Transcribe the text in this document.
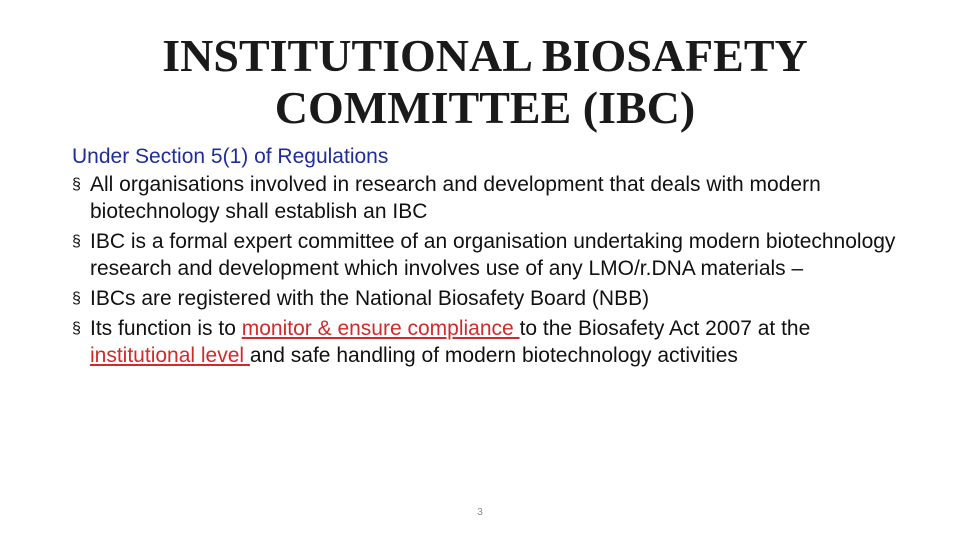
INSTITUTIONAL BIOSAFETY
COMMITTEE (IBC)
Under Section 5(1) of Regulations
§ All organisations involved in research and development that deals with modern biotechnology shall establish an IBC
§ IBC is a formal expert committee of an organisation undertaking modern biotechnology research and development which involves use of any LMO/r.DNA materials –
§ IBCs are registered with the National Biosafety Board (NBB)
§ Its function is to monitor & ensure compliance to the Biosafety Act 2007 at the institutional level and safe handling of modern biotechnology activities
3
